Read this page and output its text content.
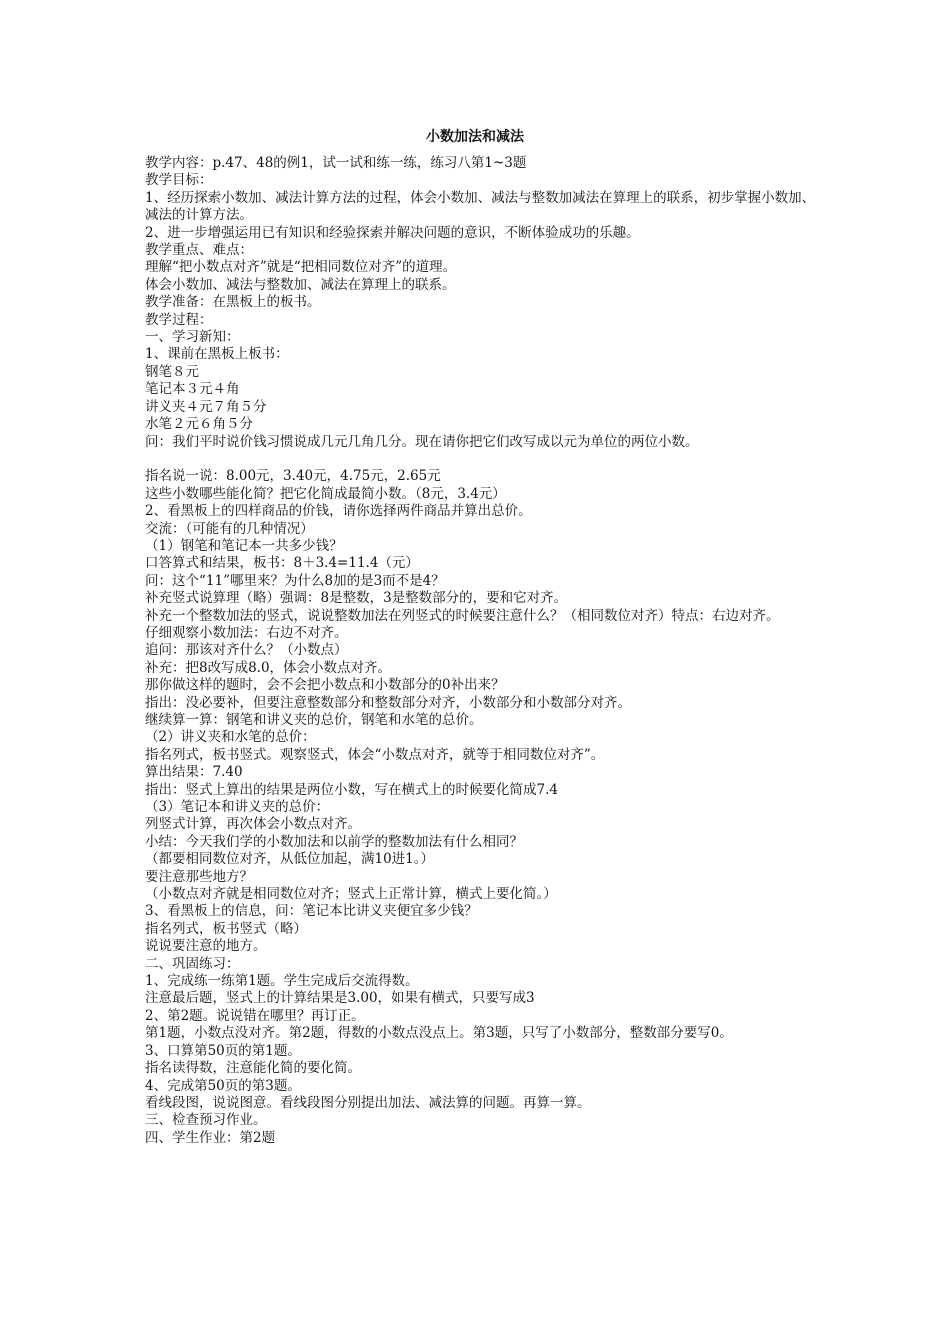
小数加法和减法

教学内容：p.47、48的例1，试一试和练一练，练习八第1~3题

教学目标：

1、经历探索小数加、减法计算方法的过程，体会小数加、减法与整数加减法在算理上的联系，初步掌握小数加、减法的计算方法。

2、进一步增强运用已有知识和经验探索并解决问题的意识，不断体验成功的乐趣。

教学重点、难点：

理解“把小数点对齐”就是“把相同数位对齐”的道理。

体会小数加、减法与整数加、减法在算理上的联系。

教学准备：在黑板上的板书。

教学过程：

一、学习新知：

1、课前在黑板上板书：

钢笔８元

笔记本３元４角

讲义夹４元７角５分

水笔２元６角５分

问：我们平时说价钱习惯说成几元几角几分。现在请你把它们改写成以元为单位的两位小数。

指名说一说：8.00元，3.40元，4.75元，2.65元

这些小数哪些能化简？把它化简成最简小数。（8元，3.4元）

2、看黑板上的四样商品的价钱，请你选择两件商品并算出总价。

交流：（可能有的几种情况）

（1）钢笔和笔记本一共多少钱？

口答算式和结果，板书：8＋3.4=11.4（元）

问：这个“11”哪里来？为什么8加的是3而不是4？

补充竖式说算理（略）强调：8是整数，3是整数部分的，要和它对齐。

补充一个整数加法的竖式，说说整数加法在列竖式的时候要注意什么？（相同数位对齐）特点：右边对齐。

仔细观察小数加法：右边不对齐。

追问：那该对齐什么？（小数点）

补充：把8改写成8.0，体会小数点对齐。

那你做这样的题时，会不会把小数点和小数部分的0补出来？

指出：没必要补，但要注意整数部分和整数部分对齐，小数部分和小数部分对齐。

继续算一算：钢笔和讲义夹的总价，钢笔和水笔的总价。

（2）讲义夹和水笔的总价：

指名列式，板书竖式。观察竖式，体会“小数点对齐，就等于相同数位对齐”。

算出结果：7.40

指出：竖式上算出的结果是两位小数，写在横式上的时候要化简成7.4

（3）笔记本和讲义夹的总价：

列竖式计算，再次体会小数点对齐。

小结：今天我们学的小数加法和以前学的整数加法有什么相同？

（都要相同数位对齐，从低位加起，满10进1。）

要注意那些地方？

（小数点对齐就是相同数位对齐；竖式上正常计算，横式上要化简。）

3、看黑板上的信息，问：笔记本比讲义夹便宜多少钱？

指名列式，板书竖式（略）

说说要注意的地方。

二、巩固练习：

1、完成练一练第1题。学生完成后交流得数。

注意最后题，竖式上的计算结果是3.00，如果有横式，只要写成3

2、第2题。说说错在哪里？再订正。

第1题，小数点没对齐。第2题，得数的小数点没点上。第3题，只写了小数部分，整数部分要写0。

3、口算第50页的第1题。

指名读得数，注意能化简的要化简。

4、完成第50页的第3题。

看线段图，说说图意。看线段图分别提出加法、减法算的问题。再算一算。

三、检查预习作业。

四、学生作业：第2题
